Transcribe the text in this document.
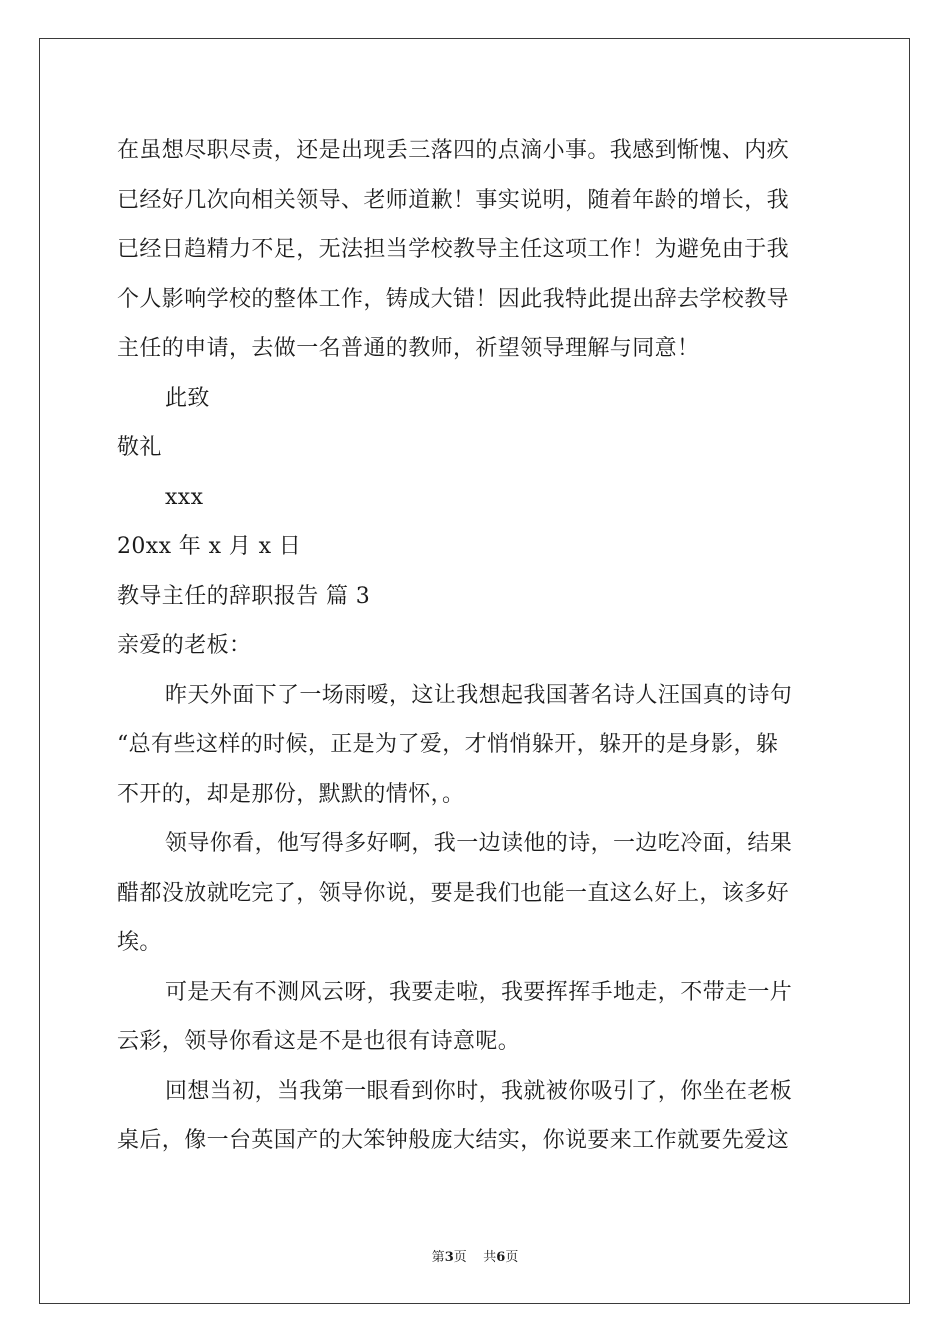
在虽想尽职尽责，还是出现丢三落四的点滴小事。我感到惭愧、内疚
已经好几次向相关领导、老师道歉！事实说明，随着年龄的增长，我
已经日趋精力不足，无法担当学校教导主任这项工作！为避免由于我
个人影响学校的整体工作，铸成大错！因此我特此提出辞去学校教导
主任的申请，去做一名普通的教师，祈望领导理解与同意！
此致
敬礼
xxx
20xx 年 x 月 x 日
教导主任的辞职报告 篇 3
亲爱的老板：
昨天外面下了一场雨嗳，这让我想起我国著名诗人汪国真的诗句
“总有些这样的时候，正是为了爱，才悄悄躲开，躲开的是身影，躲
不开的，却是那份，默默的情怀，。
领导你看，他写得多好啊，我一边读他的诗，一边吃冷面，结果
醋都没放就吃完了，领导你说，要是我们也能一直这么好上，该多好
埃。
可是天有不测风云呀，我要走啦，我要挥挥手地走，不带走一片
云彩，领导你看这是不是也很有诗意呢。
回想当初，当我第一眼看到你时，我就被你吸引了，你坐在老板
桌后，像一台英国产的大笨钟般庞大结实，你说要来工作就要先爱这
第3页    共6页
